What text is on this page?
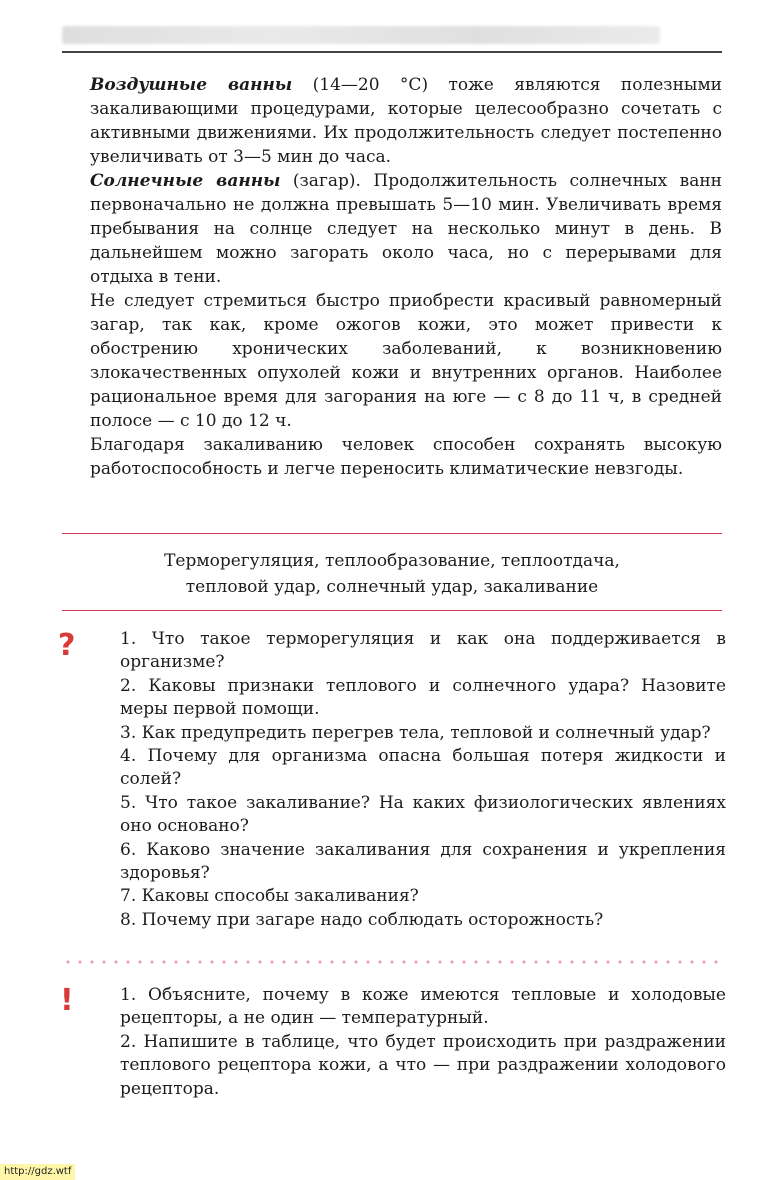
Воздушные ванны (14—20 °С) тоже являются полезными закаливающими процедурами, которые целесообразно сочетать с активными движениями. Их продолжительность следует постепенно увеличивать от 3—5 мин до часа.

Солнечные ванны (загар). Продолжительность солнечных ванн первоначально не должна превышать 5—10 мин. Увеличивать время пребывания на солнце следует на несколько минут в день. В дальнейшем можно загорать около часа, но с перерывами для отдыха в тени.

Не следует стремиться быстро приобрести красивый равномерный загар, так как, кроме ожогов кожи, это может привести к обострению хронических заболеваний, к возникновению злокачественных опухолей кожи и внутренних органов. Наиболее рациональное время для загорания на юге — с 8 до 11 ч, в средней полосе — с 10 до 12 ч.

Благодаря закаливанию человек способен сохранять высокую работоспособность и легче переносить климатические невзгоды.

Терморегуляция, теплообразование, теплоотдача,
тепловой удар, солнечный удар, закаливание
?	1. Что такое терморегуляция и как она поддерживается в организме?

2. Каковы признаки теплового и солнечного удара? Назовите меры первой помощи.

3. Как предупредить перегрев тела, тепловой и солнечный удар?

4. Почему для организма опасна большая потеря жидкости и солей?

5. Что такое закаливание? На каких физиологических явлениях оно основано?

6. Каково значение закаливания для сохранения и укрепления здоровья?

7. Каковы способы закаливания?

8. Почему при загаре надо соблюдать осторожность?

!	1. Объясните, почему в коже имеются тепловые и холодовые рецепторы, а не один — температурный.

2. Напишите в таблице, что будет происходить при раздражении теплового рецептора кожи, а что — при раздражении холодового рецептора.

http://gdz.wtf
